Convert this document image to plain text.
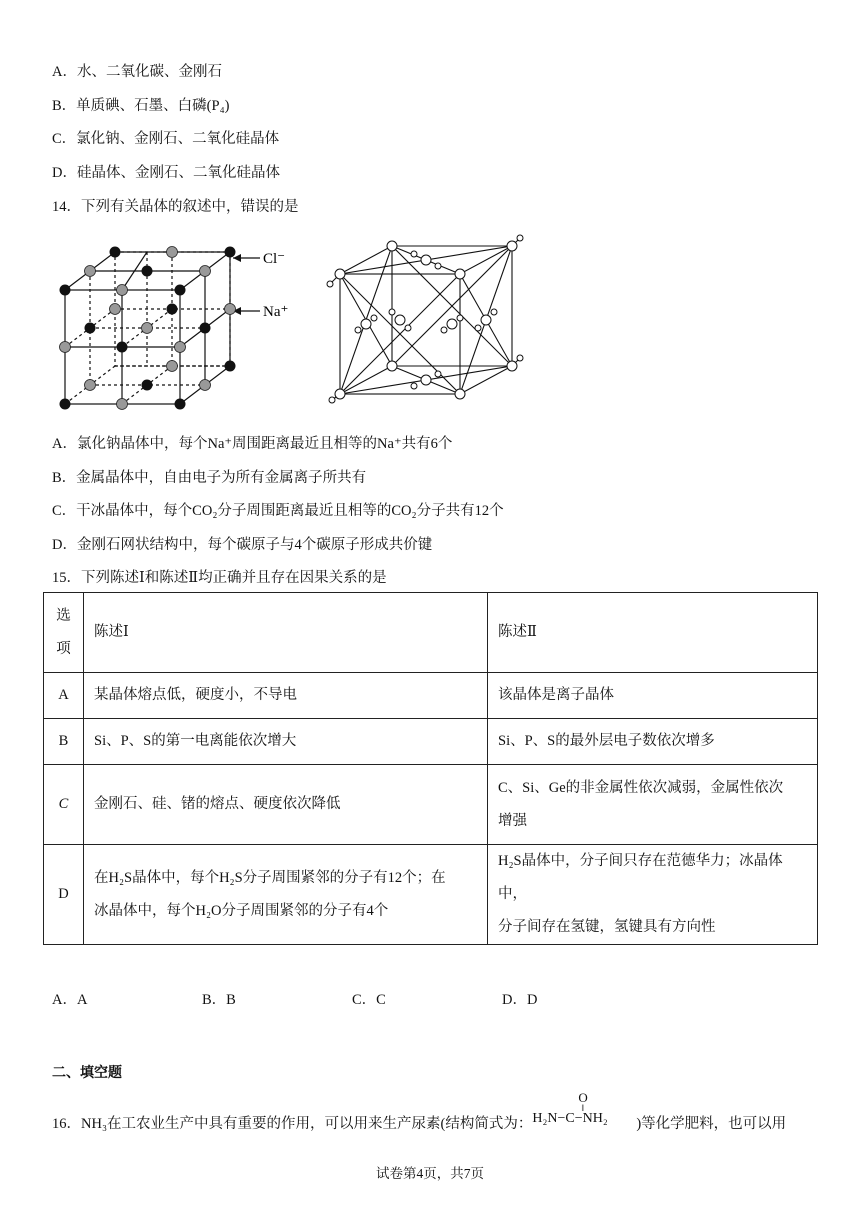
A．水、二氧化碳、金刚石
B．单质碘、石墨、白磷(P₄)
C．氯化钠、金刚石、二氧化硅晶体
D．硅晶体、金刚石、二氧化硅晶体
14．下列有关晶体的叙述中，错误的是
Cl⁻
Na⁺
A．氯化钠晶体中，每个Na⁺周围距离最近且相等的Na⁺共有6个
B．金属晶体中，自由电子为所有金属离子所共有
C．干冰晶体中，每个CO₂分子周围距离最近且相等的CO₂分子共有12个
D．金刚石网状结构中，每个碳原子与4个碳原子形成共价键
15．下列陈述Ⅰ和陈述Ⅱ均正确并且存在因果关系的是
选
项	陈述Ⅰ	陈述Ⅱ
A	某晶体熔点低，硬度小，不导电	该晶体是离子晶体
B	Si、P、S的第一电离能依次增大	Si、P、S的最外层电子数依次增多
C	金刚石、硅、锗的熔点、硬度依次降低	C、Si、Ge的非金属性依次减弱，金属性依次
增强
D	在H₂S晶体中，每个H₂S分子周围紧邻的分子有12个；在
冰晶体中，每个H₂O分子周围紧邻的分子有4个	H₂S晶体中，分子间只存在范德华力；冰晶体中，
分子间存在氢键，氢键具有方向性
A．A	B．B	C．C	D．D
二、填空题
16．NH₃在工农业生产中具有重要的作用，可以用来生产尿素(结构简式为：
O
‖
H₂N−C−NH₂ )等化学肥料，也可以用
试卷第4页，共7页
